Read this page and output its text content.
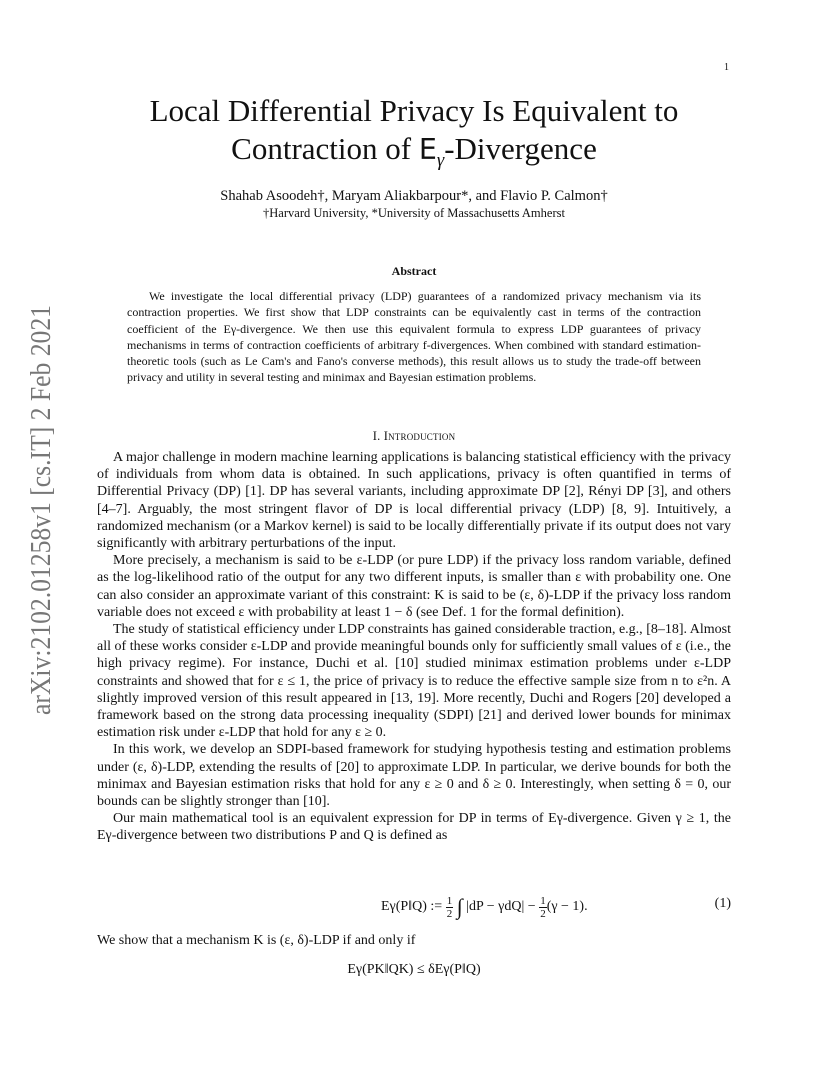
1
arXiv:2102.01258v1 [cs.IT] 2 Feb 2021
Local Differential Privacy Is Equivalent to
Contraction of $E_\gamma$-Divergence
Shahab Asoodeh†, Maryam Aliakbarpour*, and Flavio P. Calmon†
†Harvard University, *University of Massachusetts Amherst
Abstract

We investigate the local differential privacy (LDP) guarantees of a randomized privacy mechanism via its contraction properties. We first show that LDP constraints can be equivalently cast in terms of the contraction coefficient of the Eγ-divergence. We then use this equivalent formula to express LDP guarantees of privacy mechanisms in terms of contraction coefficients of arbitrary f-divergences. When combined with standard estimation-theoretic tools (such as Le Cam's and Fano's converse methods), this result allows us to study the trade-off between privacy and utility in several testing and minimax and Bayesian estimation problems.

I. Introduction

A major challenge in modern machine learning applications is balancing statistical efficiency with the privacy of individuals from whom data is obtained. In such applications, privacy is often quantified in terms of Differential Privacy (DP) [1]. DP has several variants, including approximate DP [2], Rényi DP [3], and others [4–7]. Arguably, the most stringent flavor of DP is local differential privacy (LDP) [8, 9]. Intuitively, a randomized mechanism (or a Markov kernel) is said to be locally differentially private if its output does not vary significantly with arbitrary perturbations of the input.

More precisely, a mechanism is said to be ε-LDP (or pure LDP) if the privacy loss random variable, defined as the log-likelihood ratio of the output for any two different inputs, is smaller than ε with probability one. One can also consider an approximate variant of this constraint: K is said to be (ε, δ)-LDP if the privacy loss random variable does not exceed ε with probability at least 1 − δ (see Def. 1 for the formal definition).

The study of statistical efficiency under LDP constraints has gained considerable traction, e.g., [8–18]. Almost all of these works consider ε-LDP and provide meaningful bounds only for sufficiently small values of ε (i.e., the high privacy regime). For instance, Duchi et al. [10] studied minimax estimation problems under ε-LDP constraints and showed that for ε ≤ 1, the price of privacy is to reduce the effective sample size from n to ε²n. A slightly improved version of this result appeared in [13, 19]. More recently, Duchi and Rogers [20] developed a framework based on the strong data processing inequality (SDPI) [21] and derived lower bounds for minimax estimation risk under ε-LDP that hold for any ε ≥ 0.

In this work, we develop an SDPI-based framework for studying hypothesis testing and estimation problems under (ε, δ)-LDP, extending the results of [20] to approximate LDP. In particular, we derive bounds for both the minimax and Bayesian estimation risks that hold for any ε ≥ 0 and δ ≥ 0. Interestingly, when setting δ = 0, our bounds can be slightly stronger than [10].

Our main mathematical tool is an equivalent expression for DP in terms of Eγ-divergence. Given γ ≥ 1, the Eγ-divergence between two distributions P and Q is defined as

Eγ(P‖Q) := $\frac{1}{2}$ ∫ $|dP - \gamma dQ| - \frac{1}{2} (\gamma - 1)$.	(1)
We show that a mechanism K is (ε, δ)-LDP if and only if
Eγ(PK‖QK) ≤ δEγ(P‖Q)
